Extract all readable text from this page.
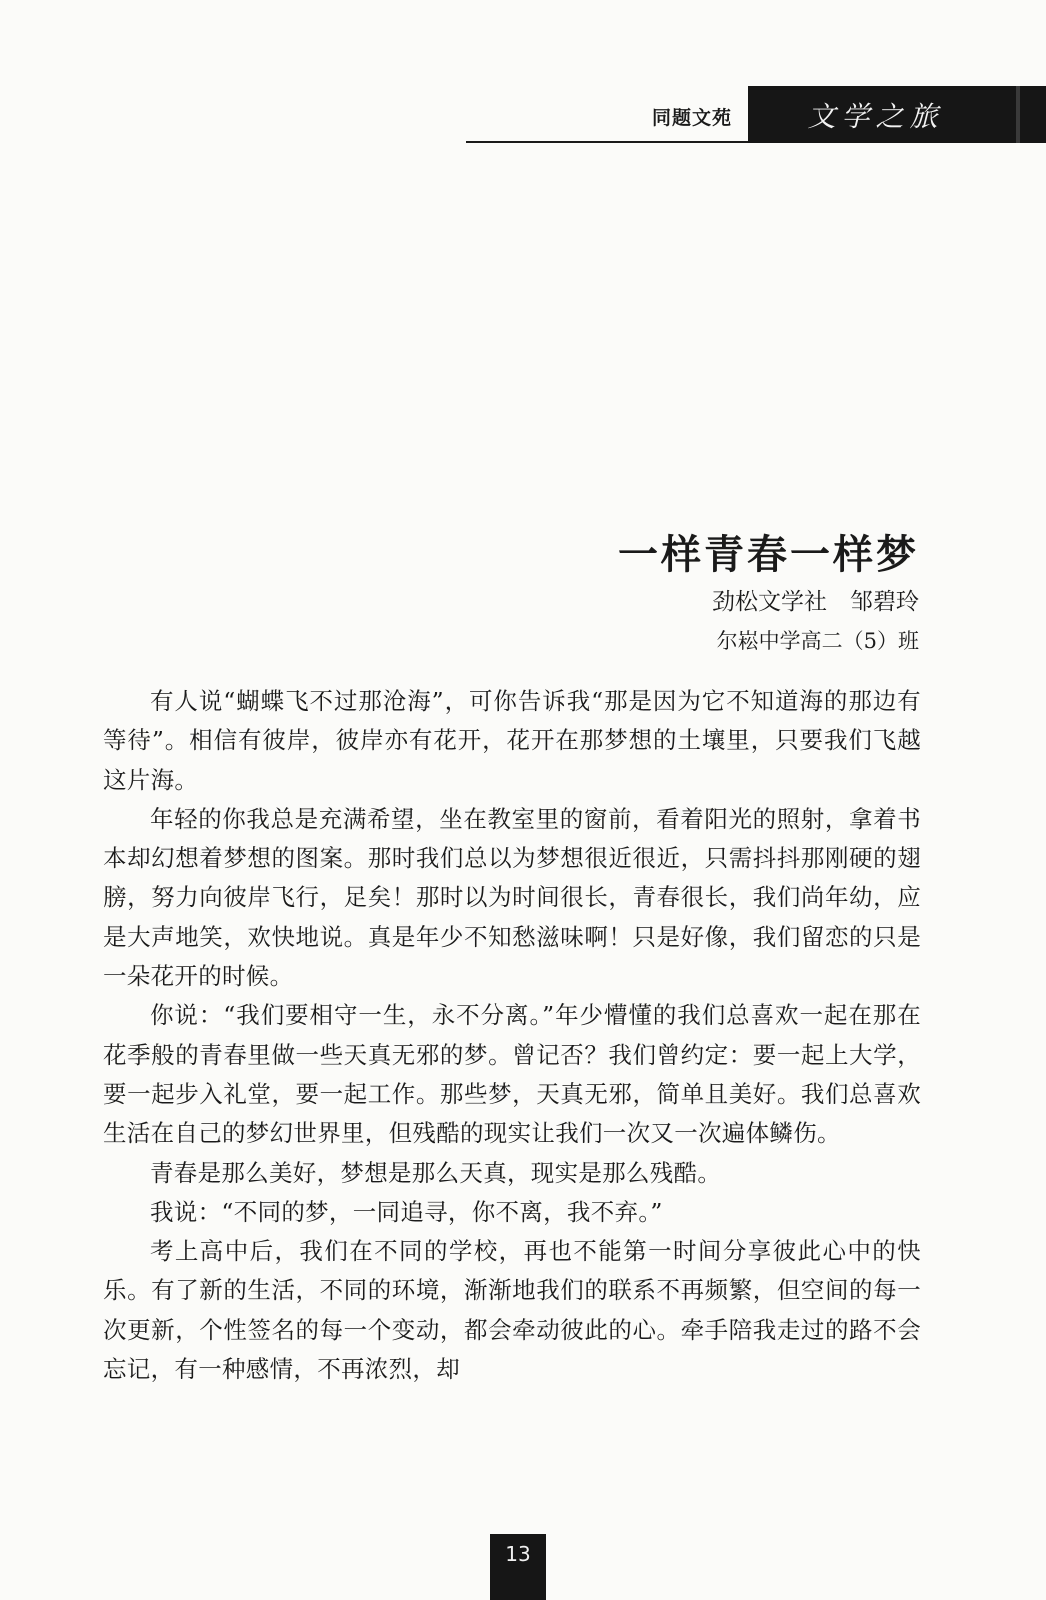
同题文苑	文学之旅
一样青春一样梦
劲松文学社　邹碧玲
尔崧中学高二（5）班

有人说“蝴蝶飞不过那沧海”，可你告诉我“那是因为它不知道海的那边有等待”。相信有彼岸，彼岸亦有花开，花开在那梦想的土壤里，只要我们飞越这片海。

年轻的你我总是充满希望，坐在教室里的窗前，看着阳光的照射，拿着书本却幻想着梦想的图案。那时我们总以为梦想很近很近，只需抖抖那刚硬的翅膀，努力向彼岸飞行，足矣！那时以为时间很长，青春很长，我们尚年幼，应是大声地笑，欢快地说。真是年少不知愁滋味啊！只是好像，我们留恋的只是一朵花开的时候。

你说：“我们要相守一生，永不分离。”年少懵懂的我们总喜欢一起在那在花季般的青春里做一些天真无邪的梦。曾记否？我们曾约定：要一起上大学，要一起步入礼堂，要一起工作。那些梦，天真无邪，简单且美好。我们总喜欢生活在自己的梦幻世界里，但残酷的现实让我们一次又一次遍体鳞伤。

青春是那么美好，梦想是那么天真，现实是那么残酷。

我说：“不同的梦，一同追寻，你不离，我不弃。”

考上高中后，我们在不同的学校，再也不能第一时间分享彼此心中的快乐。有了新的生活，不同的环境，渐渐地我们的联系不再频繁，但空间的每一次更新，个性签名的每一个变动，都会牵动彼此的心。牵手陪我走过的路不会忘记，有一种感情，不再浓烈，却

13
